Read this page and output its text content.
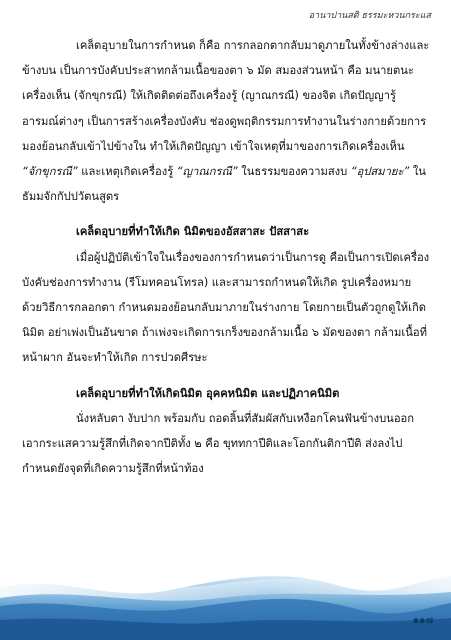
อานาปานสติ ธรรมะหวนกระแส

เคล็ดอุบายในการกำหนด ก็คือ การกลอกตากลับมาดูภายในทั้งข้างล่างและข้างบน เป็นการบังคับประสาทกล้ามเนื้อของตา ๖ มัด สมองส่วนหน้า คือ มนายตนะ เครื่องเห็น (จักขุกรณี) ให้เกิดติดต่อถึงเครื่องรู้ (ญาณกรณี) ของจิต เกิดปัญญารู้อารมณ์ต่างๆ เป็นการสร้างเครื่องบังคับ ช่องดูพฤติกรรมการทำงานในร่างกายด้วยการมองย้อนกลับเข้าไปข้างใน ทำให้เกิดปัญญา เข้าใจเหตุที่มาของการเกิดเครื่องเห็น “จักขุกรณี” และเหตุเกิดเครื่องรู้ “ญาณกรณี” ในธรรมของความสงบ “อุปสมายะ” ในธัมมจักกัปปวัตนสูตร

เคล็ดอุบายที่ทำให้เกิด นิมิตของอัสสาสะ ปัสสาสะ

เมื่อผู้ปฏิบัติเข้าใจในเรื่องของการกำหนดว่าเป็นการดู คือเป็นการเปิดเครื่องบังคับช่องการทำงาน (รีโมทคอนโทรล) และสามารถกำหนดให้เกิด รูปเครื่องหมาย ด้วยวิธีการกลอกตา กำหนดมองย้อนกลับมาภายในร่างกาย โดยกายเป็นตัวถูกดูให้เกิดนิมิต อย่าเพ่งเป็นอันขาด ถ้าเพ่งจะเกิดการเกร็งของกล้ามเนื้อ ๖ มัดของตา กล้ามเนื้อที่หน้าผาก อันจะทำให้เกิด การปวดศีรษะ

เคล็ดอุบายที่ทำให้เกิดนิมิต อุคคหนิมิต และปฏิภาคนิมิต

นั่งหลับตา งับปาก พร้อมกับ ถอดลิ้นที่สัมผัสกับเหงือกโคนฟันข้างบนออก เอากระแสความรู้สึกที่เกิดจากปีติทั้ง ๒ คือ ขุททกาปีติและโอกกันติกาปีติ ส่งลงไปกำหนดยังจุดที่เกิดความรู้สึกที่หน้าท้อง

๑๑๗
